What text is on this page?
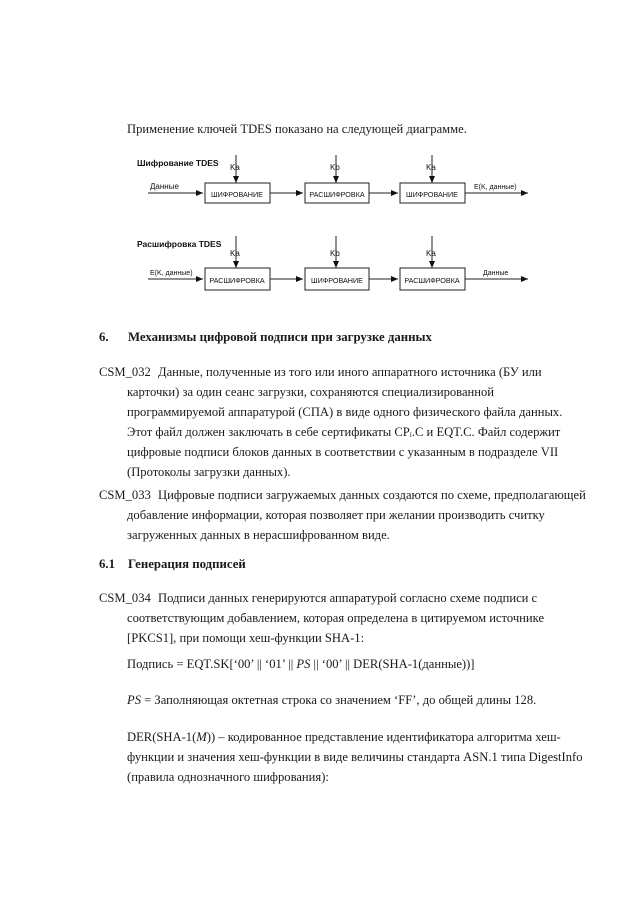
Применение ключей TDES показано на следующей диаграмме.
Шифрование TDES
Данные
Ka
ШИФРОВАНИЕ
Kb
РАСШИФРОВКА
Ka
ШИФРОВАНИЕ
E(K, данные)
Расшифровка TDES
E(K, данные)
Ka
РАСШИФРОВКА
Kb
ШИФРОВАНИЕ
Ka
РАСШИФРОВКА
Данные
6. Механизмы цифровой подписи при загрузке данных
CSM_032 Данные, полученные из того или иного аппаратного источника (БУ или
карточки) за один сеанс загрузки, сохраняются специализированной
программируемой аппаратурой (СПА) в виде одного физического файла данных.
Этот файл должен заключать в себе сертификаты CPᵢ.C и EQT.C. Файл содержит
цифровые подписи блоков данных в соответствии с указанным в подразделе VII
(Протоколы загрузки данных).
CSM_033 Цифровые подписи загружаемых данных создаются по схеме, предполагающей
добавление информации, которая позволяет при желании производить считку
загруженных данных в нерасшифрованном виде.
6.1 Генерация подписей
CSM_034 Подписи данных генерируются аппаратурой согласно схеме подписи с
соответствующим добавлением, которая определена в цитируемом источнике
[PKCS1], при помощи хеш-функции SHA-1:
Подпись = EQT.SK[‘00’ || ‘01’ || PS || ‘00’ || DER(SHA-1(данные))]
PS = Заполняющая октетная строка со значением ‘FF’, до общей длины 128.
DER(SHA-1(M)) – кодированное представление идентификатора алгоритма хеш-
функции и значения хеш-функции в виде величины стандарта ASN.1 типа DigestInfo
(правила однозначного шифрования):
